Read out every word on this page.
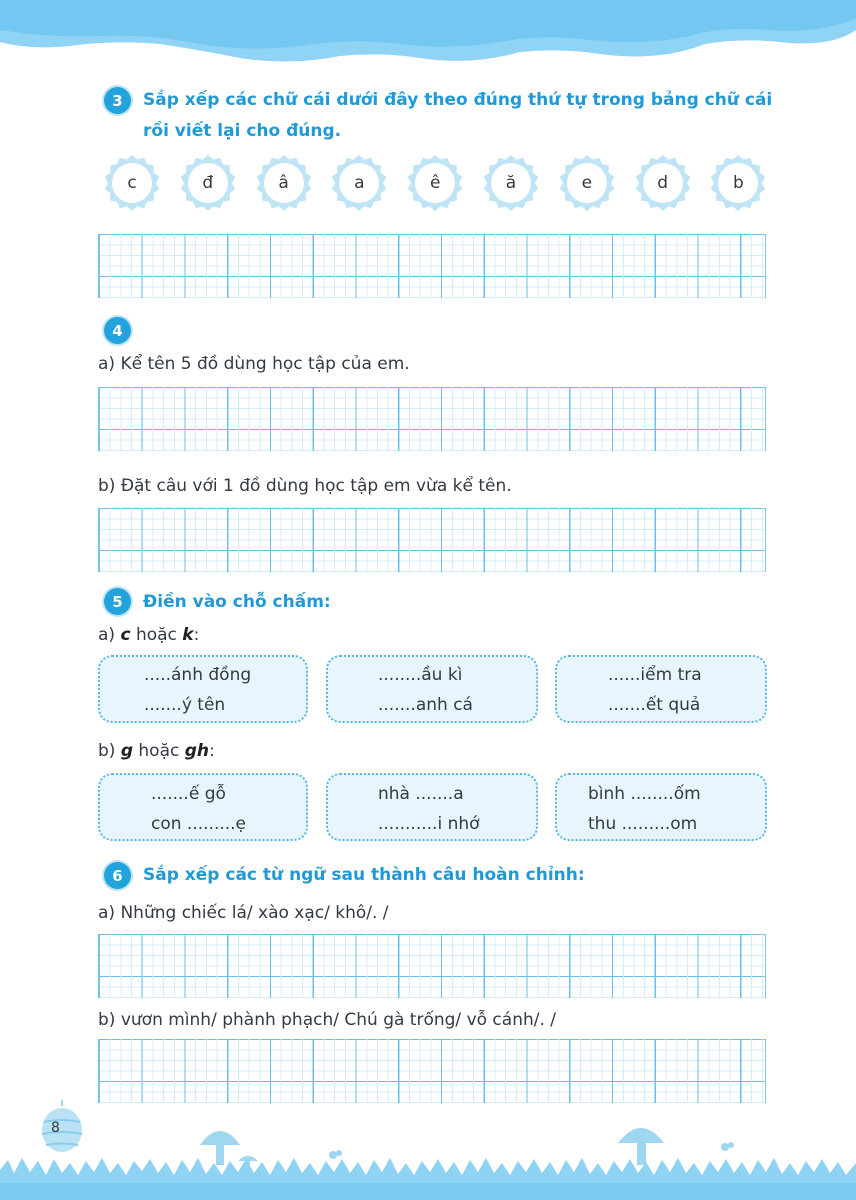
3	Sắp xếp các chữ cái dưới đây theo đúng thứ tự trong bảng chữ cái
rồi viết lại cho đúng.
c	đ	â	a	ê	ă	e	d	b
4
a) Kể tên 5 đồ dùng học tập của em.
b) Đặt câu với 1 đồ dùng học tập em vừa kể tên.
5	Điền vào chỗ chấm:
a) c hoặc k:
.....ánh đồng
.......ý tên
........ầu kì
.......anh cá
......iểm tra
.......ết quả
b) g hoặc gh:
.......ế gỗ
con .........ẹ
nhà .......a
...........i nhớ
bình ........ốm
thu .........om
6	Sắp xếp các từ ngữ sau thành câu hoàn chỉnh:
a) Những chiếc lá/ xào xạc/ khô/. /
b) vươn mình/ phành phạch/ Chú gà trống/ vỗ cánh/. /
8
